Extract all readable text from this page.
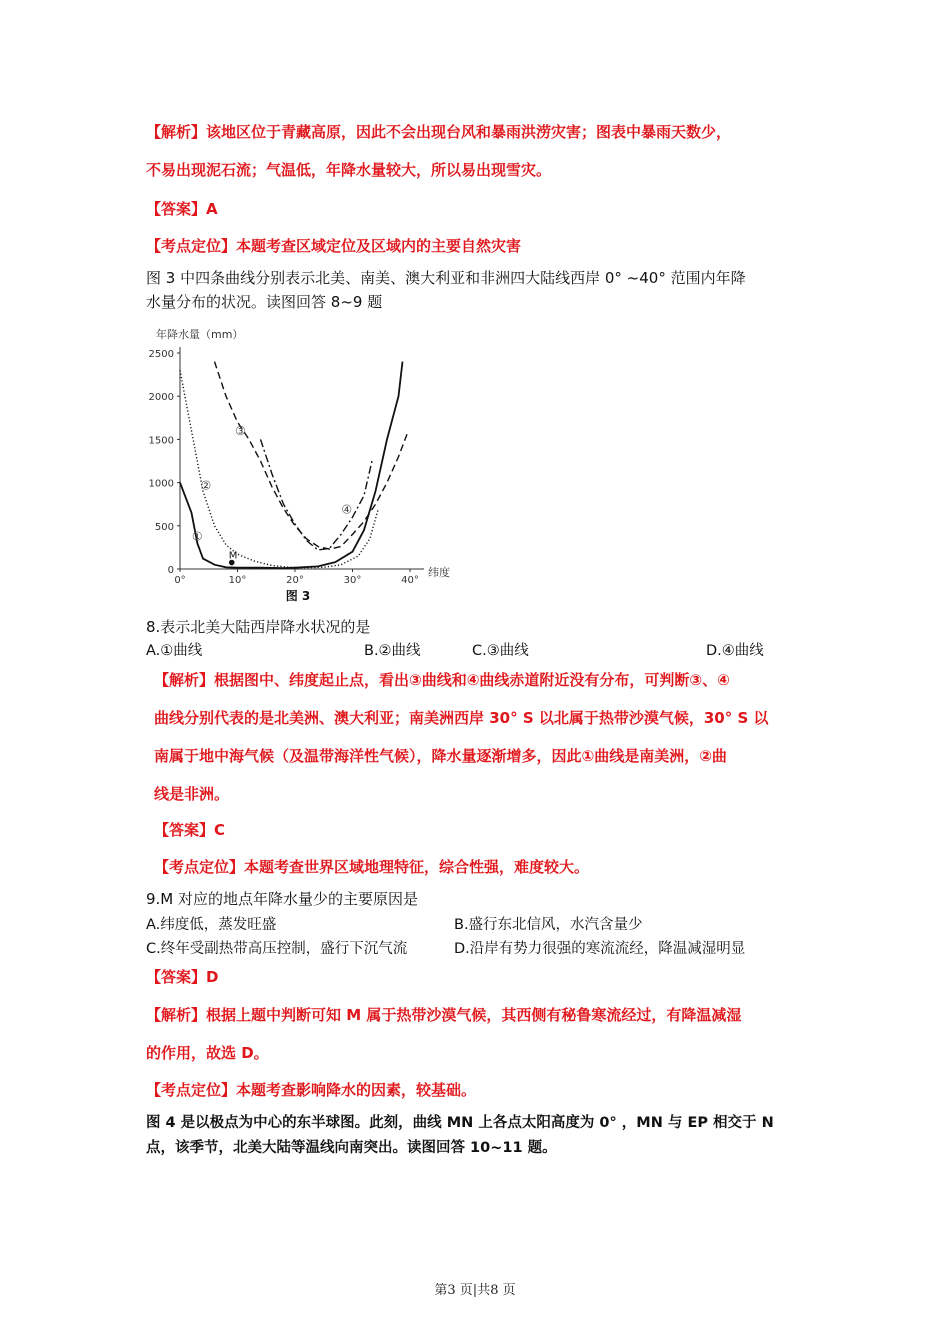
【解析】该地区位于青藏高原，因此不会出现台风和暴雨洪涝灾害；图表中暴雨天数少，
不易出现泥石流；气温低，年降水量较大，所以易出现雪灾。
【答案】A
【考点定位】本题考查区域定位及区域内的主要自然灾害
图 3 中四条曲线分别表示北美、南美、澳大利亚和非洲四大陆线西岸 0° ~40° 范围内年降
水量分布的状况。读图回答 8~9 题
年降水量（mm）
纬度
图 3
0
500
1000
1500
2000
2500
0°	10°	20°	30°	40°
①
②
③
④
M
8.表示北美大陆西岸降水状况的是
A.①曲线	B.②曲线	C.③曲线	D.④曲线
【解析】根据图中、纬度起止点，看出③曲线和④曲线赤道附近没有分布，可判断③、④
曲线分别代表的是北美洲、澳大利亚；南美洲西岸 30° S 以北属于热带沙漠气候，30° S 以
南属于地中海气候（及温带海洋性气候），降水量逐渐增多，因此①曲线是南美洲，②曲
线是非洲。
【答案】C
【考点定位】本题考查世界区域地理特征，综合性强，难度较大。
9.M 对应的地点年降水量少的主要原因是
A.纬度低，蒸发旺盛	B.盛行东北信风，水汽含量少
C.终年受副热带高压控制，盛行下沉气流	D.沿岸有势力很强的寒流流经，降温减湿明显
【答案】D
【解析】根据上题中判断可知 M 属于热带沙漠气候，其西侧有秘鲁寒流经过，有降温减湿
的作用，故选 D。
【考点定位】本题考查影响降水的因素，较基础。
图 4 是以极点为中心的东半球图。此刻，曲线 MN 上各点太阳高度为 0° ，MN 与 EP 相交于 N
点，该季节，北美大陆等温线向南突出。读图回答 10~11 题。
第3 页|共8 页
